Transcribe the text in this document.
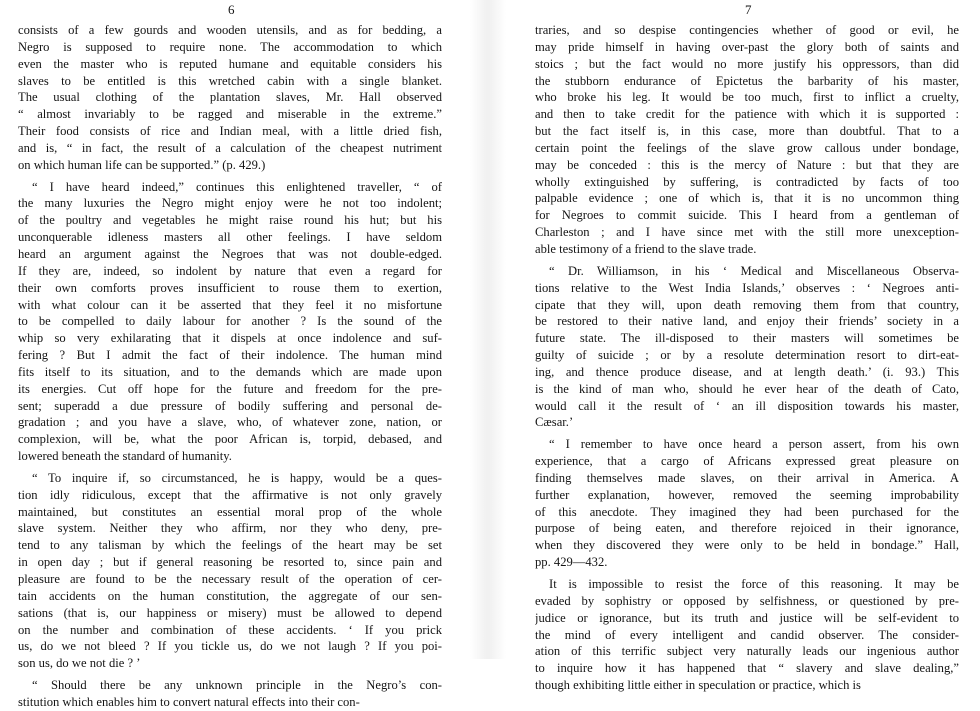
6
consists of a few gourds and wooden utensils, and as for bedding, a
Negro is supposed to require none. The accommodation to which
even the master who is reputed humane and equitable considers his
slaves to be entitled is this wretched cabin with a single blanket.
The usual clothing of the plantation slaves, Mr. Hall observed
“ almost invariably to be ragged and miserable in the extreme.”
Their food consists of rice and Indian meal, with a little dried fish,
and is, “ in fact, the result of a calculation of the cheapest nutriment
on which human life can be supported.” (p. 429.)
“ I have heard indeed,” continues this enlightened traveller, “ of
the many luxuries the Negro might enjoy were he not too indolent;
of the poultry and vegetables he might raise round his hut; but his
unconquerable idleness masters all other feelings. I have seldom
heard an argument against the Negroes that was not double-edged.
If they are, indeed, so indolent by nature that even a regard for
their own comforts proves insufficient to rouse them to exertion,
with what colour can it be asserted that they feel it no misfortune
to be compelled to daily labour for another ? Is the sound of the
whip so very exhilarating that it dispels at once indolence and suf-
fering ? But I admit the fact of their indolence. The human mind
fits itself to its situation, and to the demands which are made upon
its energies. Cut off hope for the future and freedom for the pre-
sent; superadd a due pressure of bodily suffering and personal de-
gradation ; and you have a slave, who, of whatever zone, nation, or
complexion, will be, what the poor African is, torpid, debased, and
lowered beneath the standard of humanity.
“ To inquire if, so circumstanced, he is happy, would be a ques-
tion idly ridiculous, except that the affirmative is not only gravely
maintained, but constitutes an essential moral prop of the whole
slave system. Neither they who affirm, nor they who deny, pre-
tend to any talisman by which the feelings of the heart may be set
in open day ; but if general reasoning be resorted to, since pain and
pleasure are found to be the necessary result of the operation of cer-
tain accidents on the human constitution, the aggregate of our sen-
sations (that is, our happiness or misery) must be allowed to depend
on the number and combination of these accidents. ‘ If you prick
us, do we not bleed ? If you tickle us, do we not laugh ? If you poi-
son us, do we not die ? ’
“ Should there be any unknown principle in the Negro’s con-
stitution which enables him to convert natural effects into their con-
7
traries, and so despise contingencies whether of good or evil, he
may pride himself in having over-past the glory both of saints and
stoics ; but the fact would no more justify his oppressors, than did
the stubborn endurance of Epictetus the barbarity of his master,
who broke his leg. It would be too much, first to inflict a cruelty,
and then to take credit for the patience with which it is supported :
but the fact itself is, in this case, more than doubtful. That to a
certain point the feelings of the slave grow callous under bondage,
may be conceded : this is the mercy of Nature : but that they are
wholly extinguished by suffering, is contradicted by facts of too
palpable evidence ; one of which is, that it is no uncommon thing
for Negroes to commit suicide. This I heard from a gentleman of
Charleston ; and I have since met with the still more unexception-
able testimony of a friend to the slave trade.
“ Dr. Williamson, in his ‘ Medical and Miscellaneous Observa-
tions relative to the West India Islands,’ observes : ‘ Negroes anti-
cipate that they will, upon death removing them from that country,
be restored to their native land, and enjoy their friends’ society in a
future state. The ill-disposed to their masters will sometimes be
guilty of suicide ; or by a resolute determination resort to dirt-eat-
ing, and thence produce disease, and at length death.’ (i. 93.) This
is the kind of man who, should he ever hear of the death of Cato,
would call it the result of ‘ an ill disposition towards his master,
Cæsar.’
“ I remember to have once heard a person assert, from his own
experience, that a cargo of Africans expressed great pleasure on
finding themselves made slaves, on their arrival in America. A
further explanation, however, removed the seeming improbability
of this anecdote. They imagined they had been purchased for the
purpose of being eaten, and therefore rejoiced in their ignorance,
when they discovered they were only to be held in bondage.” Hall,
pp. 429—432.
It is impossible to resist the force of this reasoning. It may be
evaded by sophistry or opposed by selfishness, or questioned by pre-
judice or ignorance, but its truth and justice will be self-evident to
the mind of every intelligent and candid observer. The consider-
ation of this terrific subject very naturally leads our ingenious author
to inquire how it has happened that “ slavery and slave dealing,”
though exhibiting little either in speculation or practice, which is
